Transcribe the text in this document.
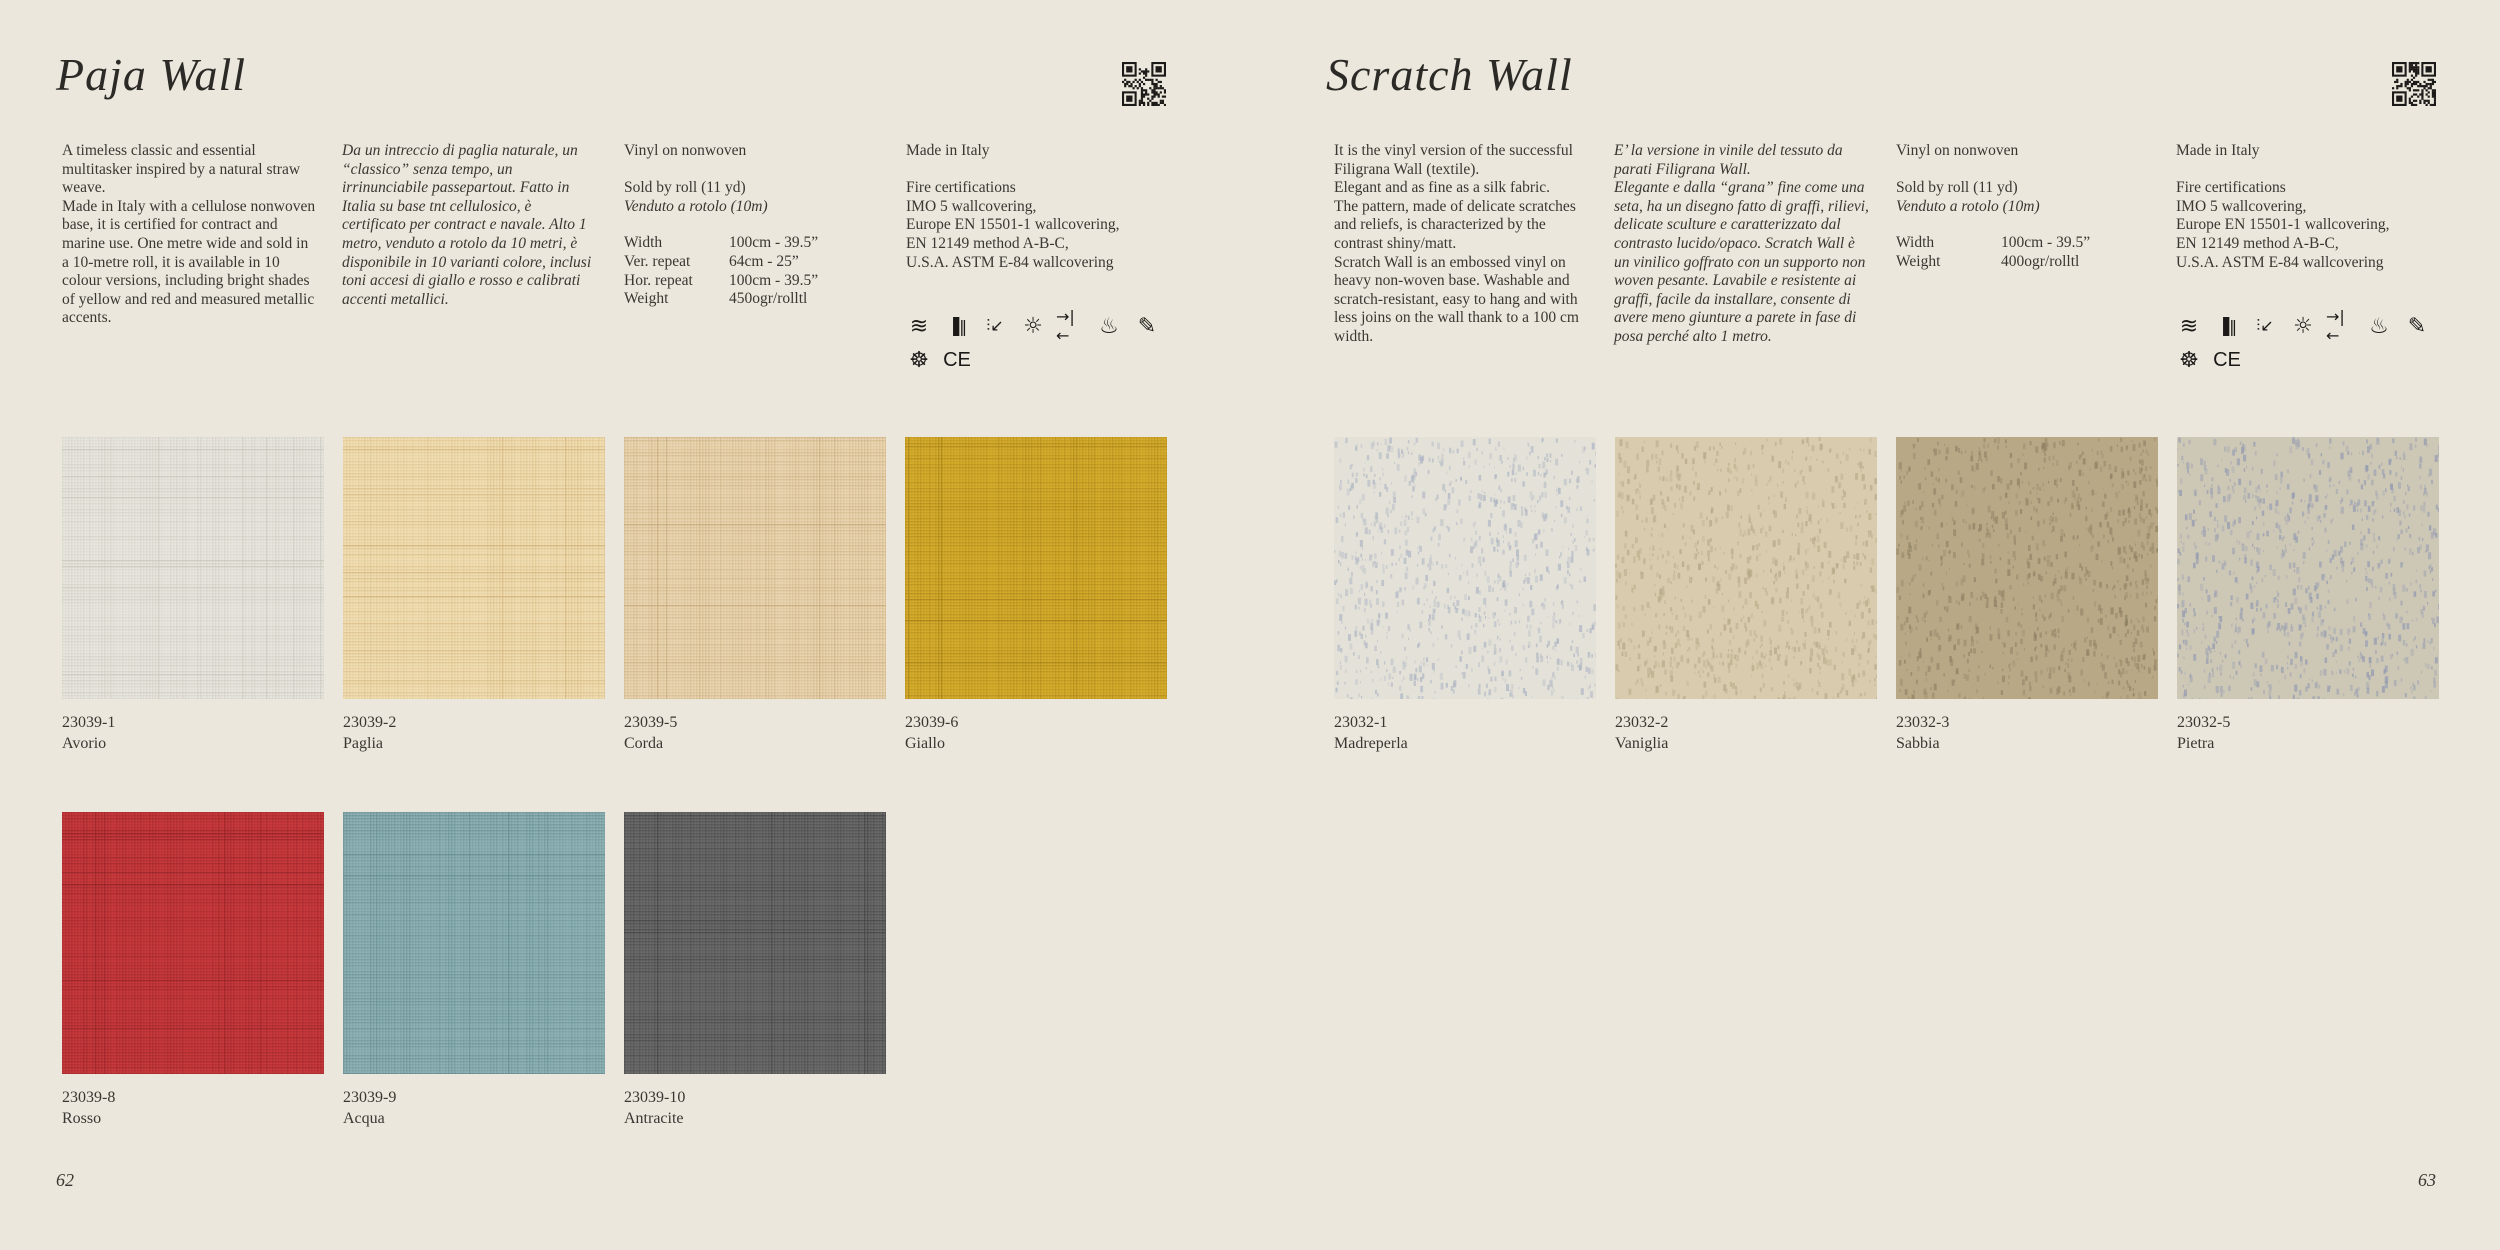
Paja Wall

A timeless classic and essential multitasker inspired by a natural straw weave.
Made in Italy with a cellulose nonwoven base, it is certified for contract and marine use. One metre wide and sold in a 10-metre roll, it is available in 10 colour versions, including bright shades of yellow and red and measured metallic accents.

Da un intreccio di paglia naturale, un “classico” senza tempo, un irrinunciabile passepartout. Fatto in Italia su base tnt cellulosico, è certificato per contract e navale. Alto 1 metro, venduto a rotolo da 10 metri, è disponibile in 10 varianti colore, inclusi toni accesi di giallo e rosso e calibrati accenti metallici.

Vinyl on nonwoven

Sold by roll (11 yd)

Venduto a rotolo (10m)

Width	100cm - 39.5”
Ver. repeat	64cm - 25”
Hor. repeat	100cm - 39.5”
Weight	450ogr/rolltl

Made in Italy

Fire certifications

IMO 5 wallcovering,

Europe EN 15501-1 wallcovering,

EN 12149 method A-B-C,

U.S.A. ASTM E-84 wallcovering

≋	▐‖	⫶↙ ☼ →|←	♨ ✎
☸ CE
23039-1
Avorio
23039-2
Paglia
23039-5
Corda
23039-6
Giallo
23039-8
Rosso
23039-9
Acqua
23039-10
Antracite
62
Scratch Wall

It is the vinyl version of the successful Filigrana Wall (textile).
Elegant and as fine as a silk fabric.
The pattern, made of delicate scratches and reliefs, is characterized by the contrast shiny/matt.
Scratch Wall is an embossed vinyl on heavy non-woven base. Washable and scratch-resistant, easy to hang and with less joins on the wall thank to a 100 cm width.

E’ la versione in vinile del tessuto da parati Filigrana Wall.
Elegante e dalla “grana” fine come una seta, ha un disegno fatto di graffi, rilievi, delicate sculture e caratterizzato dal contrasto lucido/opaco. Scratch Wall è un vinilico goffrato con un supporto non woven pesante. Lavabile e resistente ai graffi, facile da installare, consente di avere meno giunture a parete in fase di posa perché alto 1 metro.

Vinyl on nonwoven

Sold by roll (11 yd)

Venduto a rotolo (10m)

Width	100cm - 39.5”
Weight	400ogr/rolltl

Made in Italy

Fire certifications

IMO 5 wallcovering,

Europe EN 15501-1 wallcovering,

EN 12149 method A-B-C,

U.S.A. ASTM E-84 wallcovering

≋	▐‖	⫶↙ ☼ →|←	♨ ✎
☸ CE
23032-1
Madreperla
23032-2
Vaniglia
23032-3
Sabbia
23032-5
Pietra
63
